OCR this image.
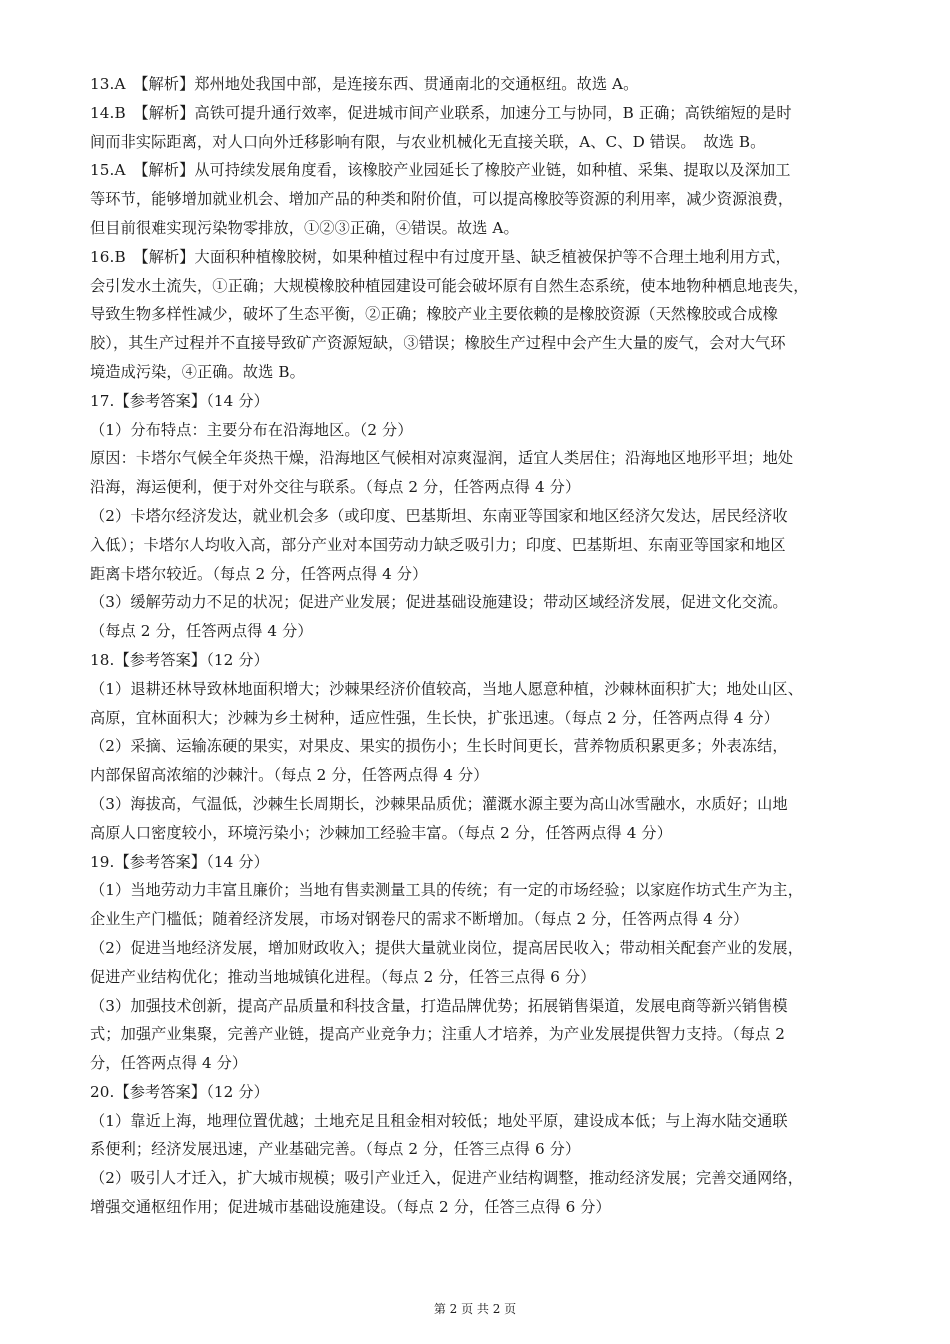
13.A　【解析】郑州地处我国中部，是连接东西、贯通南北的交通枢纽。故选 A。
14.B　【解析】高铁可提升通行效率，促进城市间产业联系，加速分工与协同，B 正确；高铁缩短的是时
间而非实际距离，对人口向外迁移影响有限，与农业机械化无直接关联，A、C、D 错误。　故选 B。
15.A　【解析】从可持续发展角度看，该橡胶产业园延长了橡胶产业链，如种植、采集、提取以及深加工
等环节，能够增加就业机会、增加产品的种类和附价值，可以提高橡胶等资源的利用率，减少资源浪费，
但目前很难实现污染物零排放，①②③正确，④错误。故选 A。
16.B　【解析】大面积种植橡胶树，如果种植过程中有过度开垦、缺乏植被保护等不合理土地利用方式，
会引发水土流失，①正确；大规模橡胶种植园建设可能会破坏原有自然生态系统，使本地物种栖息地丧失，
导致生物多样性减少，破坏了生态平衡，②正确；橡胶产业主要依赖的是橡胶资源（天然橡胶或合成橡
胶），其生产过程并不直接导致矿产资源短缺，③错误；橡胶生产过程中会产生大量的废气，会对大气环
境造成污染，④正确。故选 B。
17.【参考答案】（14 分）
（1）分布特点：主要分布在沿海地区。（2 分）
原因：卡塔尔气候全年炎热干燥，沿海地区气候相对凉爽湿润，适宜人类居住；沿海地区地形平坦；地处
沿海，海运便利，便于对外交往与联系。（每点 2 分，任答两点得 4 分）
（2）卡塔尔经济发达，就业机会多（或印度、巴基斯坦、东南亚等国家和地区经济欠发达，居民经济收
入低）；卡塔尔人均收入高，部分产业对本国劳动力缺乏吸引力；印度、巴基斯坦、东南亚等国家和地区
距离卡塔尔较近。（每点 2 分，任答两点得 4 分）
（3）缓解劳动力不足的状况；促进产业发展；促进基础设施建设；带动区域经济发展，促进文化交流。
（每点 2 分，任答两点得 4 分）
18.【参考答案】（12 分）
（1）退耕还林导致林地面积增大；沙棘果经济价值较高，当地人愿意种植，沙棘林面积扩大；地处山区、
高原，宜林面积大；沙棘为乡土树种，适应性强，生长快，扩张迅速。（每点 2 分，任答两点得 4 分）
（2）采摘、运输冻硬的果实，对果皮、果实的损伤小；生长时间更长，营养物质积累更多；外表冻结，
内部保留高浓缩的沙棘汁。（每点 2 分，任答两点得 4 分）
（3）海拔高，气温低，沙棘生长周期长，沙棘果品质优；灌溉水源主要为高山冰雪融水，水质好；山地
高原人口密度较小，环境污染小；沙棘加工经验丰富。（每点 2 分，任答两点得 4 分）
19.【参考答案】（14 分）
（1）当地劳动力丰富且廉价；当地有售卖测量工具的传统；有一定的市场经验；以家庭作坊式生产为主，
企业生产门槛低；随着经济发展，市场对钢卷尺的需求不断增加。（每点 2 分，任答两点得 4 分）
（2）促进当地经济发展，增加财政收入；提供大量就业岗位，提高居民收入；带动相关配套产业的发展，
促进产业结构优化；推动当地城镇化进程。（每点 2 分，任答三点得 6 分）
（3）加强技术创新，提高产品质量和科技含量，打造品牌优势；拓展销售渠道，发展电商等新兴销售模
式；加强产业集聚，完善产业链，提高产业竞争力；注重人才培养，为产业发展提供智力支持。（每点 2
分，任答两点得 4 分）
20.【参考答案】（12 分）
（1）靠近上海，地理位置优越；土地充足且租金相对较低；地处平原，建设成本低；与上海水陆交通联
系便利；经济发展迅速，产业基础完善。（每点 2 分，任答三点得 6 分）
（2）吸引人才迁入，扩大城市规模；吸引产业迁入，促进产业结构调整，推动经济发展；完善交通网络，
增强交通枢纽作用；促进城市基础设施建设。（每点 2 分，任答三点得 6 分）
第 2 页 共 2 页
